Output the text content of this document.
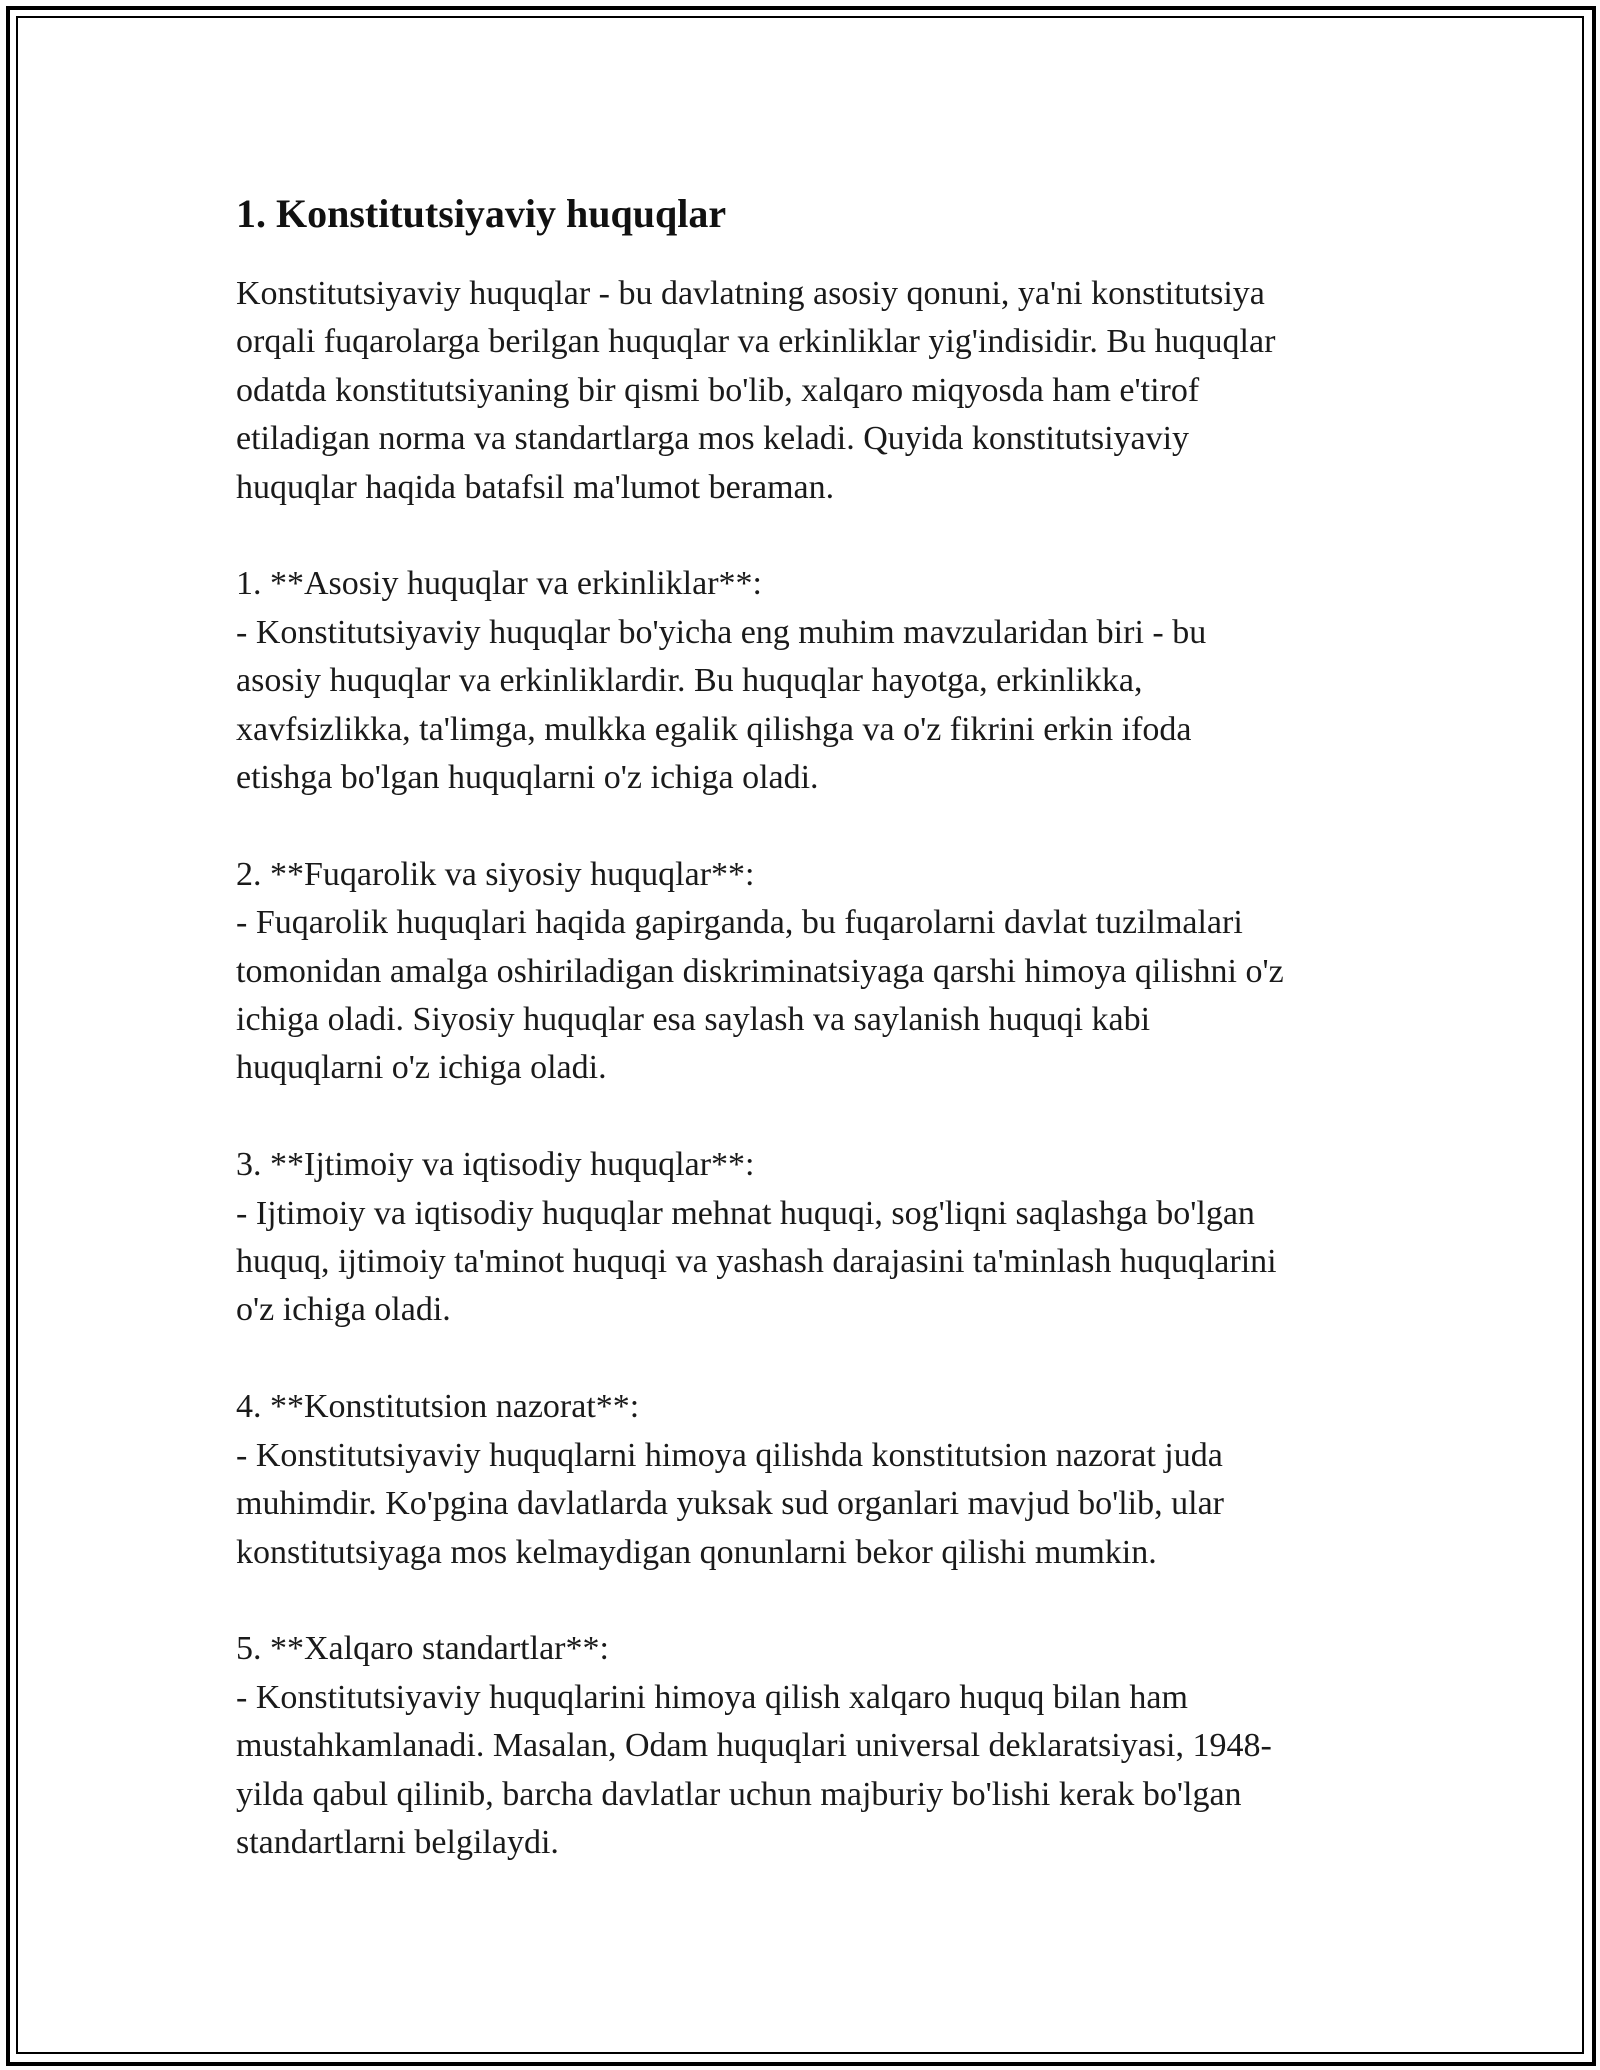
1. Konstitutsiyaviy huquqlar

Konstitutsiyaviy huquqlar - bu davlatning asosiy qonuni, ya'ni konstitutsiya
orqali fuqarolarga berilgan huquqlar va erkinliklar yig'indisidir. Bu huquqlar
odatda konstitutsiyaning bir qismi bo'lib, xalqaro miqyosda ham e'tirof
etiladigan norma va standartlarga mos keladi. Quyida konstitutsiyaviy
huquqlar haqida batafsil ma'lumot beraman.

1. **Asosiy huquqlar va erkinliklar**:

- Konstitutsiyaviy huquqlar bo'yicha eng muhim mavzularidan biri - bu
asosiy huquqlar va erkinliklardir. Bu huquqlar hayotga, erkinlikka,
xavfsizlikka, ta'limga, mulkka egalik qilishga va o'z fikrini erkin ifoda
etishga bo'lgan huquqlarni o'z ichiga oladi.

2. **Fuqarolik va siyosiy huquqlar**:

- Fuqarolik huquqlari haqida gapirganda, bu fuqarolarni davlat tuzilmalari
tomonidan amalga oshiriladigan diskriminatsiyaga qarshi himoya qilishni o'z
ichiga oladi. Siyosiy huquqlar esa saylash va saylanish huquqi kabi
huquqlarni o'z ichiga oladi.

3. **Ijtimoiy va iqtisodiy huquqlar**:

- Ijtimoiy va iqtisodiy huquqlar mehnat huquqi, sog'liqni saqlashga bo'lgan
huquq, ijtimoiy ta'minot huquqi va yashash darajasini ta'minlash huquqlarini
o'z ichiga oladi.

4. **Konstitutsion nazorat**:

- Konstitutsiyaviy huquqlarni himoya qilishda konstitutsion nazorat juda
muhimdir. Ko'pgina davlatlarda yuksak sud organlari mavjud bo'lib, ular
konstitutsiyaga mos kelmaydigan qonunlarni bekor qilishi mumkin.

5. **Xalqaro standartlar**:

- Konstitutsiyaviy huquqlarini himoya qilish xalqaro huquq bilan ham
mustahkamlanadi. Masalan, Odam huquqlari universal deklaratsiyasi, 1948-
yilda qabul qilinib, barcha davlatlar uchun majburiy bo'lishi kerak bo'lgan
standartlarni belgilaydi.
